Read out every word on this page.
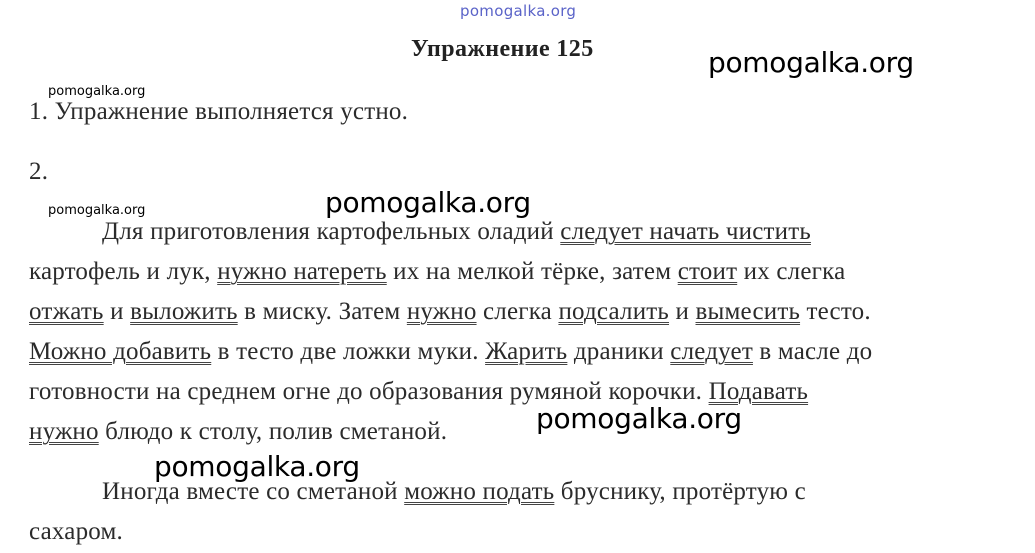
pomogalka.org
pomogalka.org
pomogalka.org
pomogalka.org
pomogalka.org
pomogalka.org
pomogalka.org
Упражнение 125
1. Упражнение выполняется устно.
2.
Для приготовления картофельных оладий следует начать чистить
картофель и лук, нужно натереть их на мелкой тёрке, затем стоит их слегка
отжать и выложить в миску. Затем нужно слегка подсалить и вымесить тесто.
Можно добавить в тесто две ложки муки. Жарить драники следует в масле до
готовности на среднем огне до образования румяной корочки. Подавать
нужно блюдо к столу, полив сметаной.
Иногда вместе со сметаной можно подать бруснику, протёртую с
сахаром.
